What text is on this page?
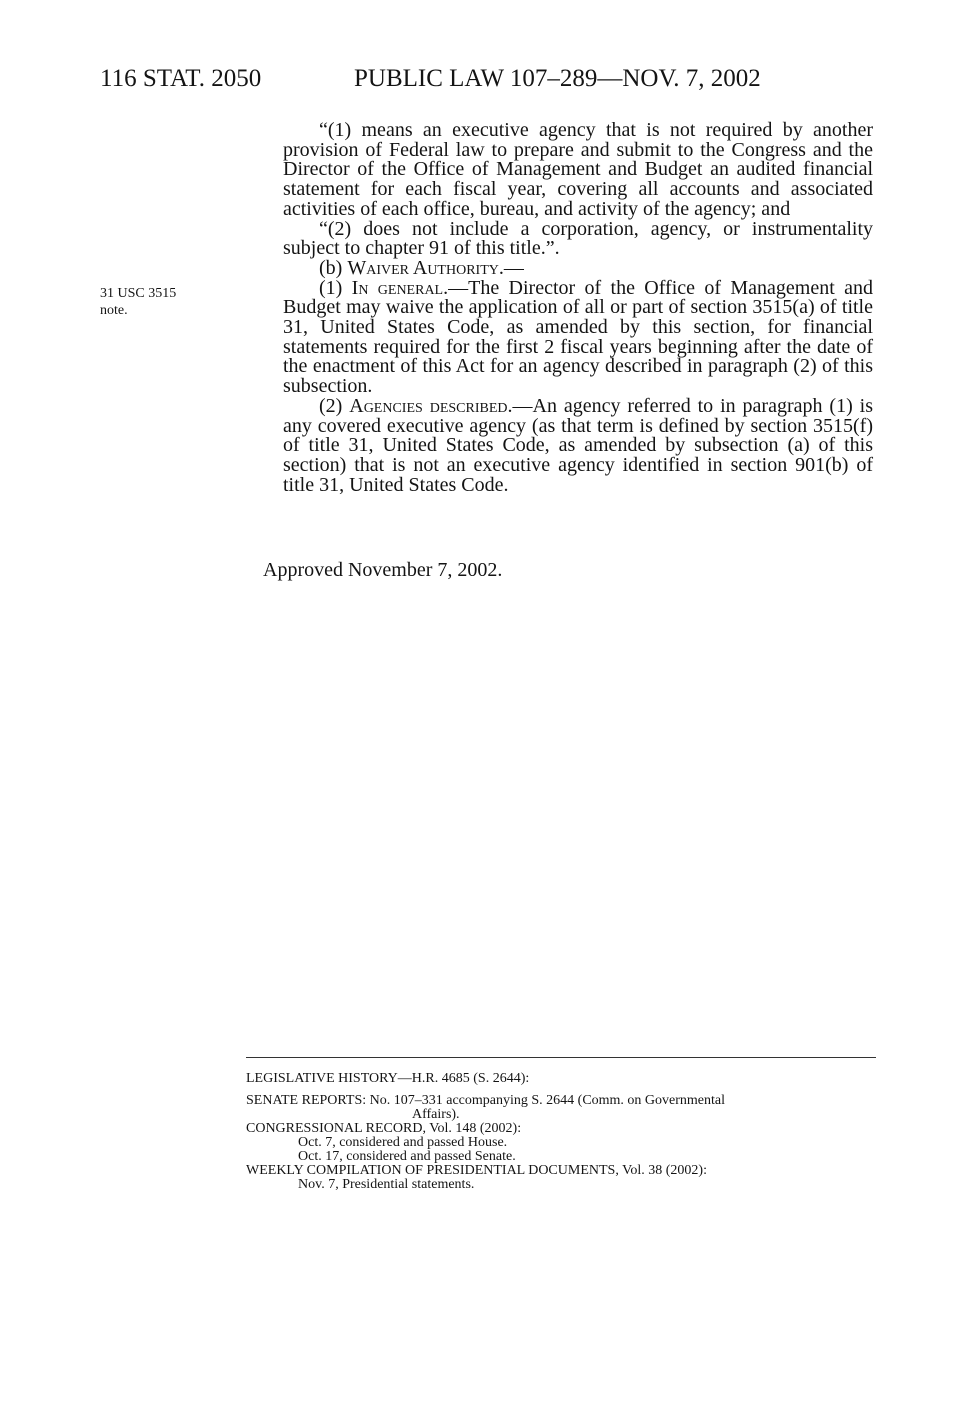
116 STAT. 2050	PUBLIC LAW 107–289—NOV. 7, 2002
31 USC 3515
note.

“(1) means an executive agency that is not required by another provision of Federal law to prepare and submit to the Congress and the Director of the Office of Management and Budget an audited financial statement for each fiscal year, covering all accounts and associated activities of each office, bureau, and activity of the agency; and

“(2) does not include a corporation, agency, or instrumentality subject to chapter 91 of this title.”.

(b) Waiver Authority.—

(1) In general.—The Director of the Office of Management and Budget may waive the application of all or part of section 3515(a) of title 31, United States Code, as amended by this section, for financial statements required for the first 2 fiscal years beginning after the date of the enactment of this Act for an agency described in paragraph (2) of this subsection.

(2) Agencies described.—An agency referred to in paragraph (1) is any covered executive agency (as that term is defined by section 3515(f) of title 31, United States Code, as amended by subsection (a) of this section) that is not an executive agency identified in section 901(b) of title 31, United States Code.

Approved November 7, 2002.
LEGISLATIVE HISTORY—H.R. 4685 (S. 2644):
SENATE REPORTS: No. 107–331 accompanying S. 2644 (Comm. on Governmental
Affairs).
CONGRESSIONAL RECORD, Vol. 148 (2002):
Oct. 7, considered and passed House.
Oct. 17, considered and passed Senate.
WEEKLY COMPILATION OF PRESIDENTIAL DOCUMENTS, Vol. 38 (2002):
Nov. 7, Presidential statements.
